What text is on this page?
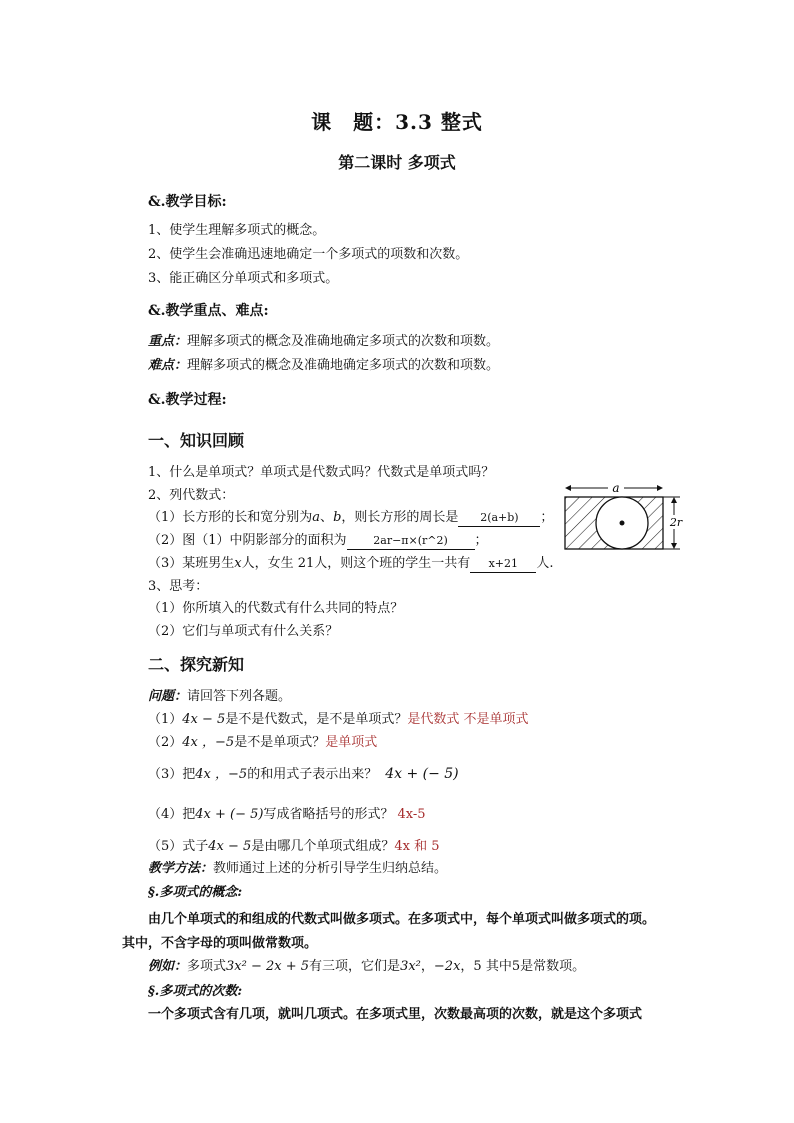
课　题：3.3 整式
第二课时 多项式
&.教学目标:
1、使学生理解多项式的概念。
2、使学生会准确迅速地确定一个多项式的项数和次数。
3、能正确区分单项式和多项式。
&.教学重点、难点:
重点：理解多项式的概念及准确地确定多项式的次数和项数。
难点：理解多项式的概念及准确地确定多项式的次数和项数。
&.教学过程:
一、知识回顾
1、什么是单项式？单项式是代数式吗？代数式是单项式吗？
2、列代数式：
（1）长方形的长和宽分别为a、b，则长方形的周长是 2(a+b) ；
（2）图（1）中阴影部分的面积为 2ar−π×(r^2) ；
（3）某班男生x人，女生 21人，则这个班的学生一共有 x+21 人.
3、思考：
（1）你所填入的代数式有什么共同的特点？
（2）它们与单项式有什么关系？
a
2r
二、探究新知
问题：请回答下列各题。
（1）4x − 5是不是代数式，是不是单项式？是代数式 不是单项式
（2）4x ，−5是不是单项式？是单项式
（3）把4x ，−5的和用式子表示出来？ 4x + (− 5)
（4）把4x + (− 5)写成省略括号的形式？ 4x-5
（5）式子4x − 5是由哪几个单项式组成？4x 和 5
教学方法：教师通过上述的分析引导学生归纳总结。
§.多项式的概念:
由几个单项式的和组成的代数式叫做多项式。在多项式中，每个单项式叫做多项式的项。
其中，不含字母的项叫做常数项。
例如：多项式3x² − 2x + 5有三项，它们是3x²，−2x，5 其中5是常数项。
§.多项式的次数:
一个多项式含有几项，就叫几项式。在多项式里，次数最高项的次数，就是这个多项式
